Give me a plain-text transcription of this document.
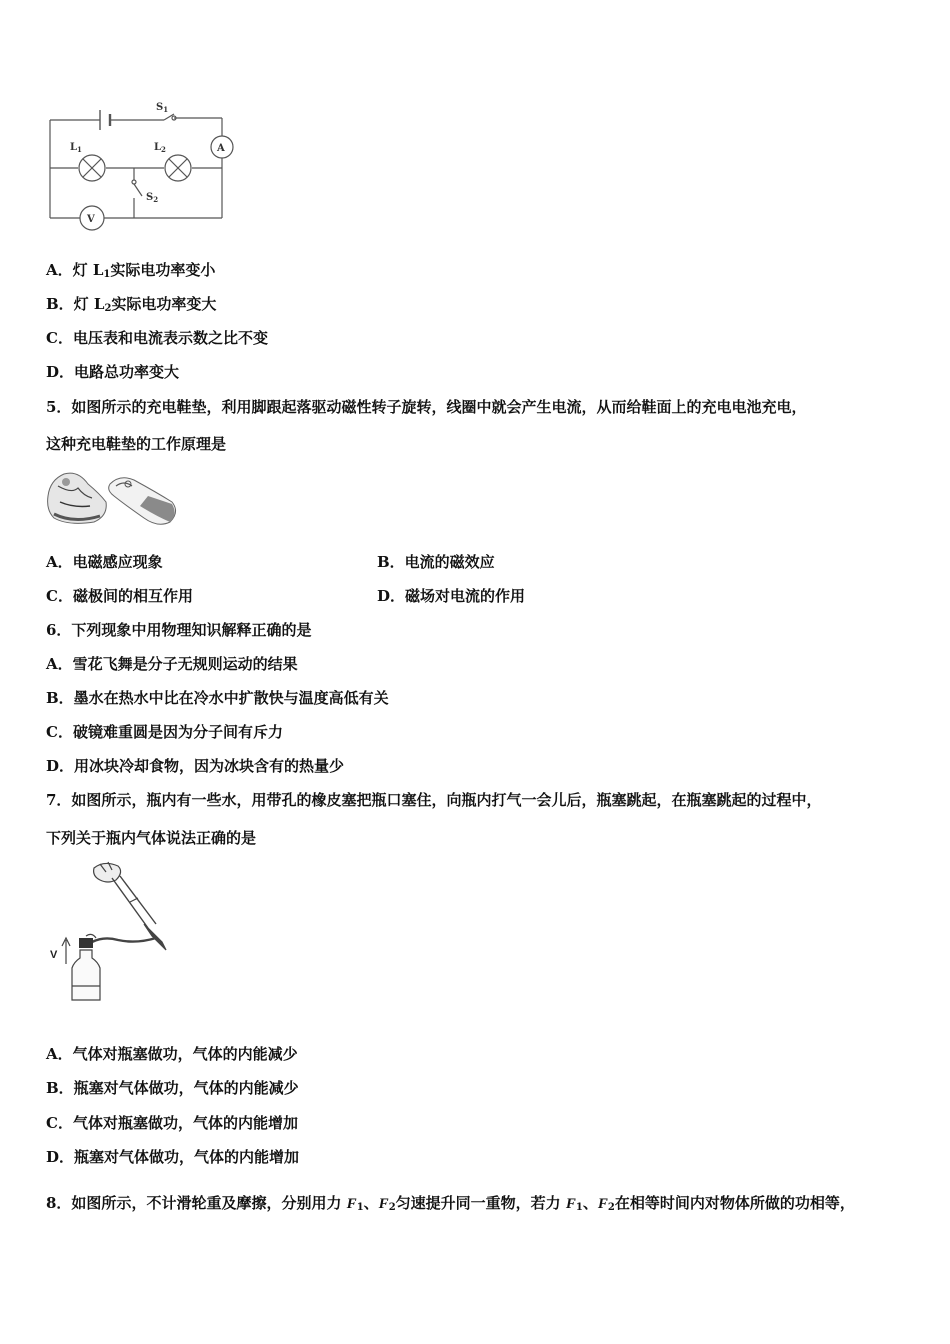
$S_1$
$L_1$	$L_2$
$S_2$
A
V
A．灯 $L_1$实际电功率变小
B．灯 $L_2$实际电功率变大
C．电压表和电流表示数之比不变
D．电路总功率变大
5．如图所示的充电鞋垫，利用脚跟起落驱动磁性转子旋转，线圈中就会产生电流，从而给鞋面上的充电电池充电，
这种充电鞋垫的工作原理是
A．电磁感应现象	B．电流的磁效应
C．磁极间的相互作用	D．磁场对电流的作用
6．下列现象中用物理知识解释正确的是
A．雪花飞舞是分子无规则运动的结果
B．墨水在热水中比在冷水中扩散快与温度高低有关
C．破镜难重圆是因为分子间有斥力
D．用冰块冷却食物，因为冰块含有的热量少
7．如图所示，瓶内有一些水，用带孔的橡皮塞把瓶口塞住，向瓶内打气一会儿后，瓶塞跳起，在瓶塞跳起的过程中，
下列关于瓶内气体说法正确的是
V
A．气体对瓶塞做功，气体的内能减少
B．瓶塞对气体做功，气体的内能减少
C．气体对瓶塞做功，气体的内能增加
D．瓶塞对气体做功，气体的内能增加
8．如图所示，不计滑轮重及摩擦，分别用力 $F_1$、$F_2$匀速提升同一重物，若力 $F_1$、$F_2$在相等时间内对物体所做的功相等，
